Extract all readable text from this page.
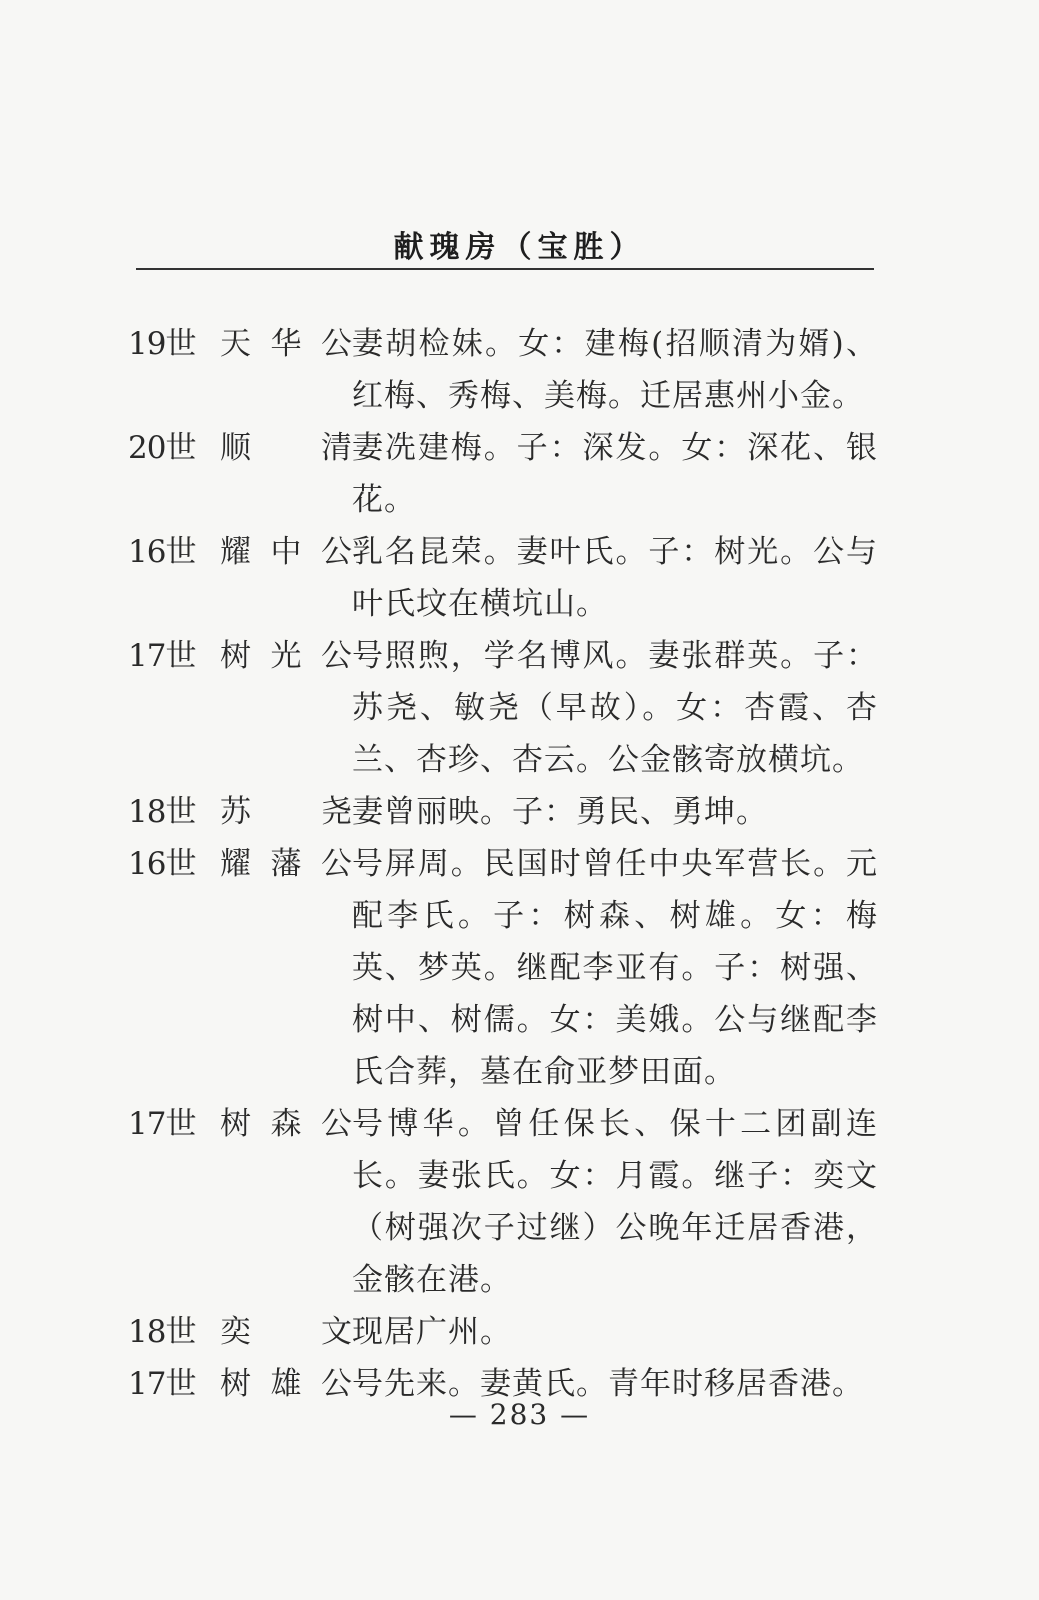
献瑰房（宝胜）
19世 天华公 妻胡检妹。女：建梅(招顺清为婿)、红梅、秀梅、美梅。迁居惠州小金。
20世 顺　清 妻冼建梅。子：深发。女：深花、银花。
16世 耀中公 乳名昆荣。妻叶氏。子：树光。公与叶氏坟在横坑山。
17世 树光公 号照煦，学名博风。妻张群英。子：苏尧、敏尧（早故）。女：杏霞、杏兰、杏珍、杏云。公金骸寄放横坑。
18世 苏　尧 妻曾丽映。子：勇民、勇坤。
16世 耀藩公 号屏周。民国时曾任中央军营长。元配李氏。子：树森、树雄。女：梅英、梦英。继配李亚有。子：树强、树中、树儒。女：美娥。公与继配李氏合葬，墓在俞亚梦田面。
17世 树森公 号博华。曾任保长、保十二团副连长。妻张氏。女：月霞。继子：奕文（树强次子过继）公晚年迁居香港，金骸在港。
18世 奕　文 现居广州。
17世 树雄公 号先来。妻黄氏。青年时移居香港。
— 283 —
